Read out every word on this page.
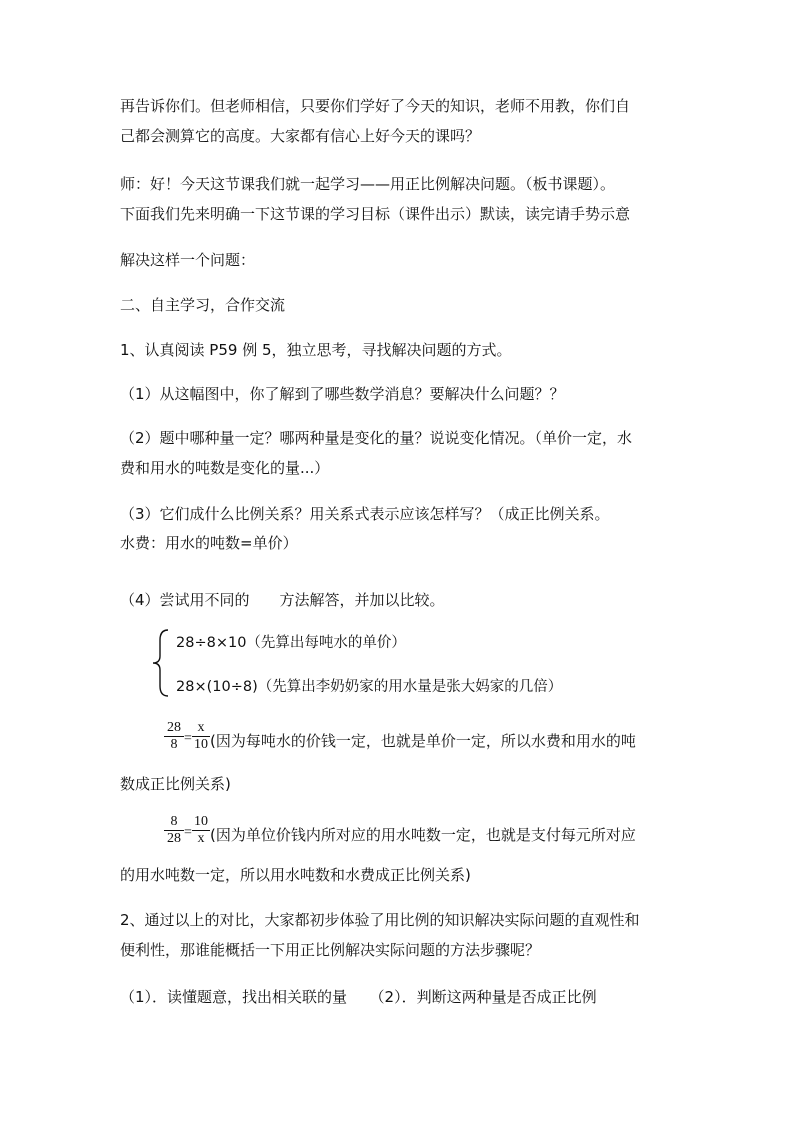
再告诉你们。但老师相信，只要你们学好了今天的知识，老师不用教，你们自
己都会测算它的高度。大家都有信心上好今天的课吗？
师：好！今天这节课我们就一起学习——用正比例解决问题。（板书课题）。
下面我们先来明确一下这节课的学习目标（课件出示）默读，读完请手势示意
解决这样一个问题：
二、自主学习，合作交流
1、认真阅读 P59 例 5，独立思考，寻找解决问题的方式。
（1）从这幅图中，你了解到了哪些数学消息？要解决什么问题？？
（2）题中哪种量一定？哪两种量是变化的量？说说变化情况。（单价一定，水
费和用水的吨数是变化的量...）
（3）它们成什么比例关系？用关系式表示应该怎样写？（成正比例关系。
水费：用水的吨数=单价）
（4）尝试用不同的　　方法解答，并加以比较。
28÷8×10（先算出每吨水的单价）
28×(10÷8)（先算出李奶奶家的用水量是张大妈家的几倍）
28
8 =
x
10 (因为每吨水的价钱一定，也就是单价一定，所以水费和用水的吨
数成正比例关系)
8
28 =
10
x (因为单位价钱内所对应的用水吨数一定，也就是支付每元所对应
的用水吨数一定，所以用水吨数和水费成正比例关系)
2、通过以上的对比，大家都初步体验了用比例的知识解决实际问题的直观性和
便利性，那谁能概括一下用正比例解决实际问题的方法步骤呢？
（1）．读懂题意，找出相关联的量　　（2）．判断这两种量是否成正比例
